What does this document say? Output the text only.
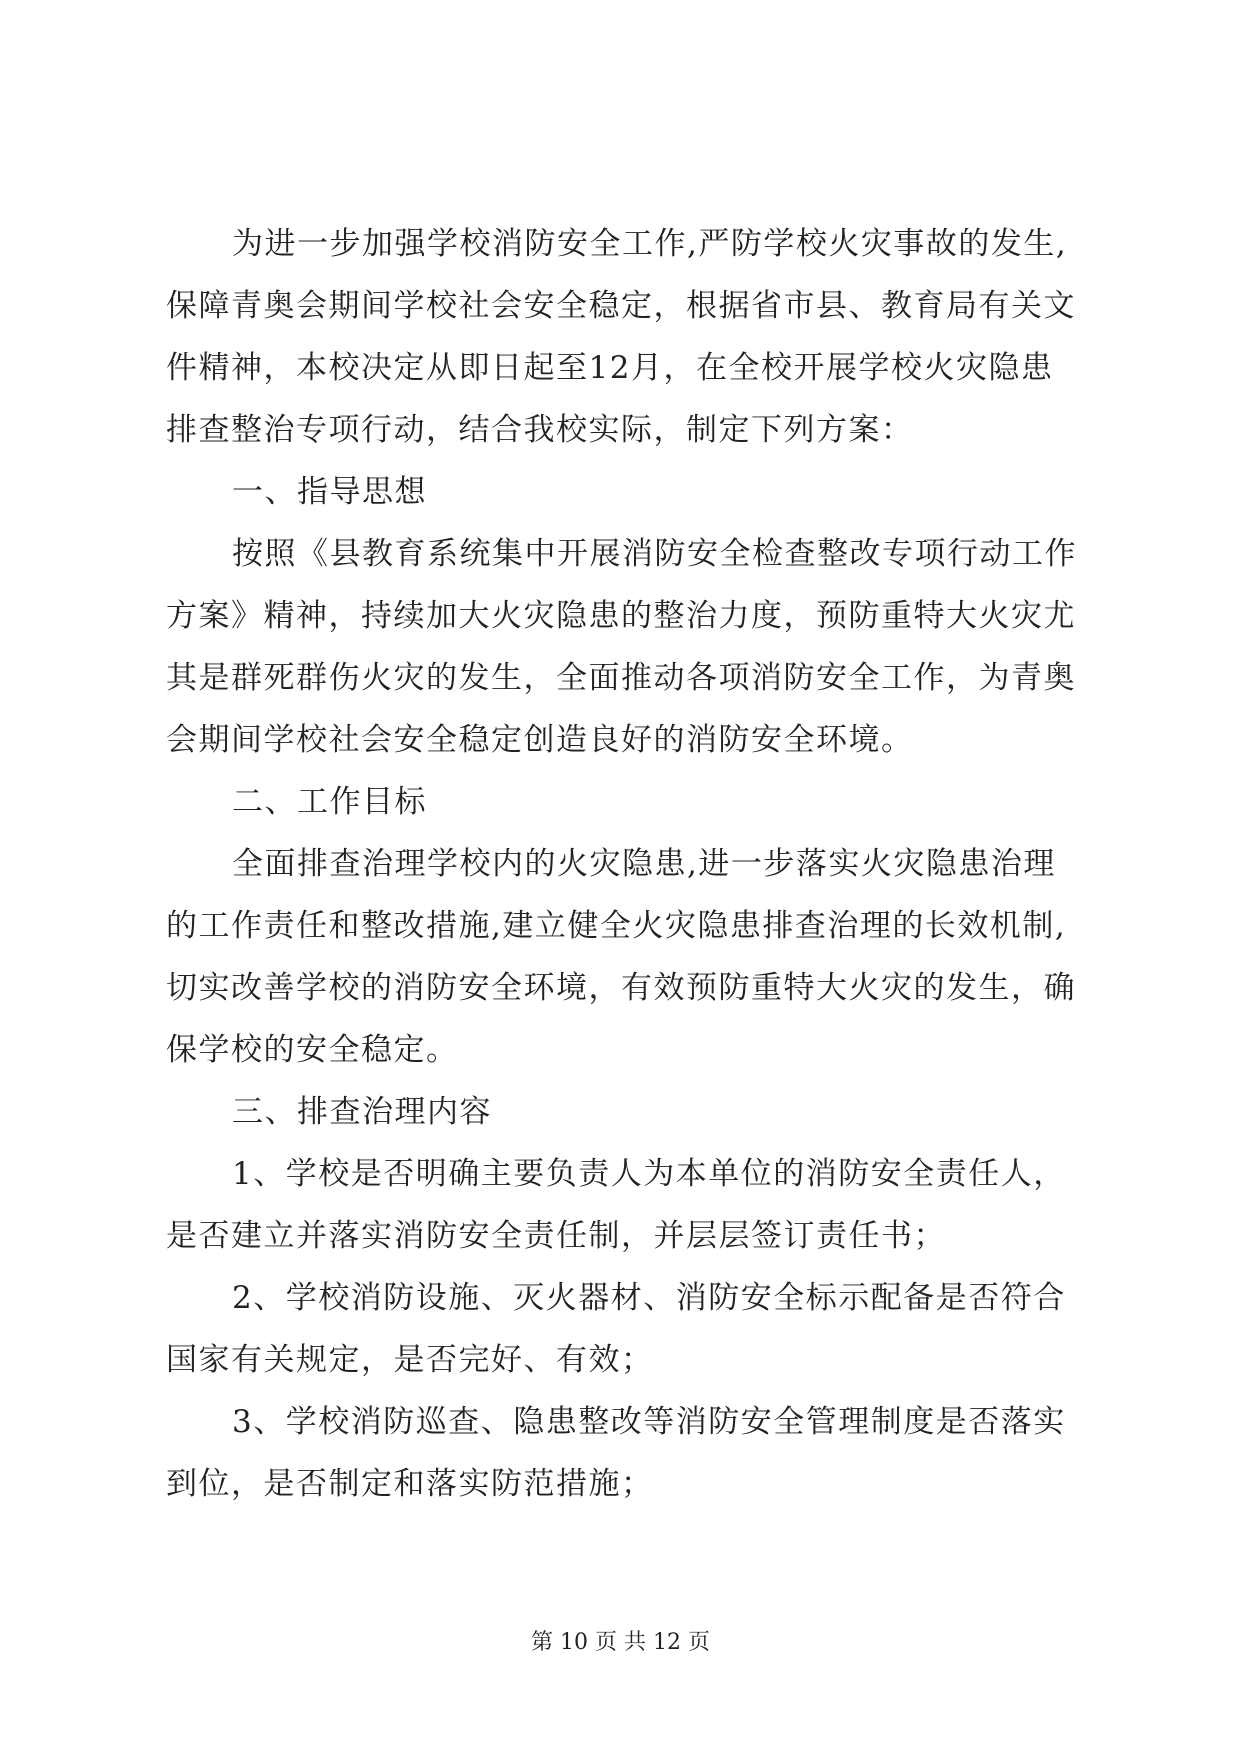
为进一步加强学校消防安全工作,严防学校火灾事故的发生,
保障青奥会期间学校社会安全稳定，根据省市县、教育局有关文
件精神，本校决定从即日起至12月，在全校开展学校火灾隐患
排查整治专项行动，结合我校实际，制定下列方案：
一、指导思想
按照《县教育系统集中开展消防安全检查整改专项行动工作
方案》精神，持续加大火灾隐患的整治力度，预防重特大火灾尤
其是群死群伤火灾的发生，全面推动各项消防安全工作，为青奥
会期间学校社会安全稳定创造良好的消防安全环境。
二、工作目标
全面排查治理学校内的火灾隐患,进一步落实火灾隐患治理
的工作责任和整改措施,建立健全火灾隐患排查治理的长效机制,
切实改善学校的消防安全环境，有效预防重特大火灾的发生，确
保学校的安全稳定。
三、排查治理内容
1、学校是否明确主要负责人为本单位的消防安全责任人，
是否建立并落实消防安全责任制，并层层签订责任书；
2、学校消防设施、灭火器材、消防安全标示配备是否符合
国家有关规定，是否完好、有效；
3、学校消防巡查、隐患整改等消防安全管理制度是否落实
到位，是否制定和落实防范措施；
第 10 页 共 12 页
